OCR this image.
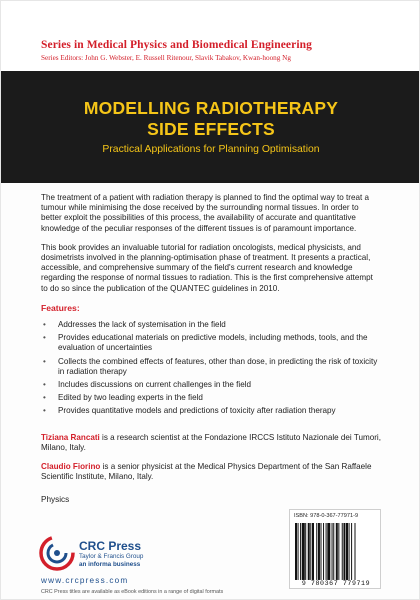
Series in Medical Physics and Biomedical Engineering
Series Editors: John G. Webster, E. Russell Ritenour, Slavik Tabakov, Kwan-hoong Ng
MODELLING RADIOTHERAPY
SIDE EFFECTS
Practical Applications for Planning Optimisation

The treatment of a patient with radiation therapy is planned to find the optimal way to treat a tumour while minimising the dose received by the surrounding normal tissues. In order to better exploit the possibilities of this process, the availability of accurate and quantitative knowledge of the peculiar responses of the different tissues is of paramount importance.

This book provides an invaluable tutorial for radiation oncologists, medical physicists, and dosimetrists involved in the planning-optimisation phase of treatment. It presents a practical, accessible, and comprehensive summary of the field's current research and knowledge regarding the response of normal tissues to radiation. This is the first comprehensive attempt to do so since the publication of the QUANTEC guidelines in 2010.

Features:
• Addresses the lack of systemisation in the field
• Provides educational materials on predictive models, including methods, tools, and the evaluation of uncertainties
• Collects the combined effects of features, other than dose, in predicting the risk of toxicity in radiation therapy
• Includes discussions on current challenges in the field
• Edited by two leading experts in the field
• Provides quantitative models and predictions of toxicity after radiation therapy

Tiziana Rancati is a research scientist at the Fondazione IRCCS Istituto Nazionale dei Tumori, Milano, Italy.

Claudio Fiorino is a senior physicist at the Medical Physics Department of the San Raffaele Scientific Institute, Milano, Italy.

Physics
CRC Press
Taylor & Francis Group
an informa business
www.crcpress.com
CRC Press titles are available as eBook editions in a range of digital formats
ISBN: 978-0-367-77971-9
9 780367 779719
